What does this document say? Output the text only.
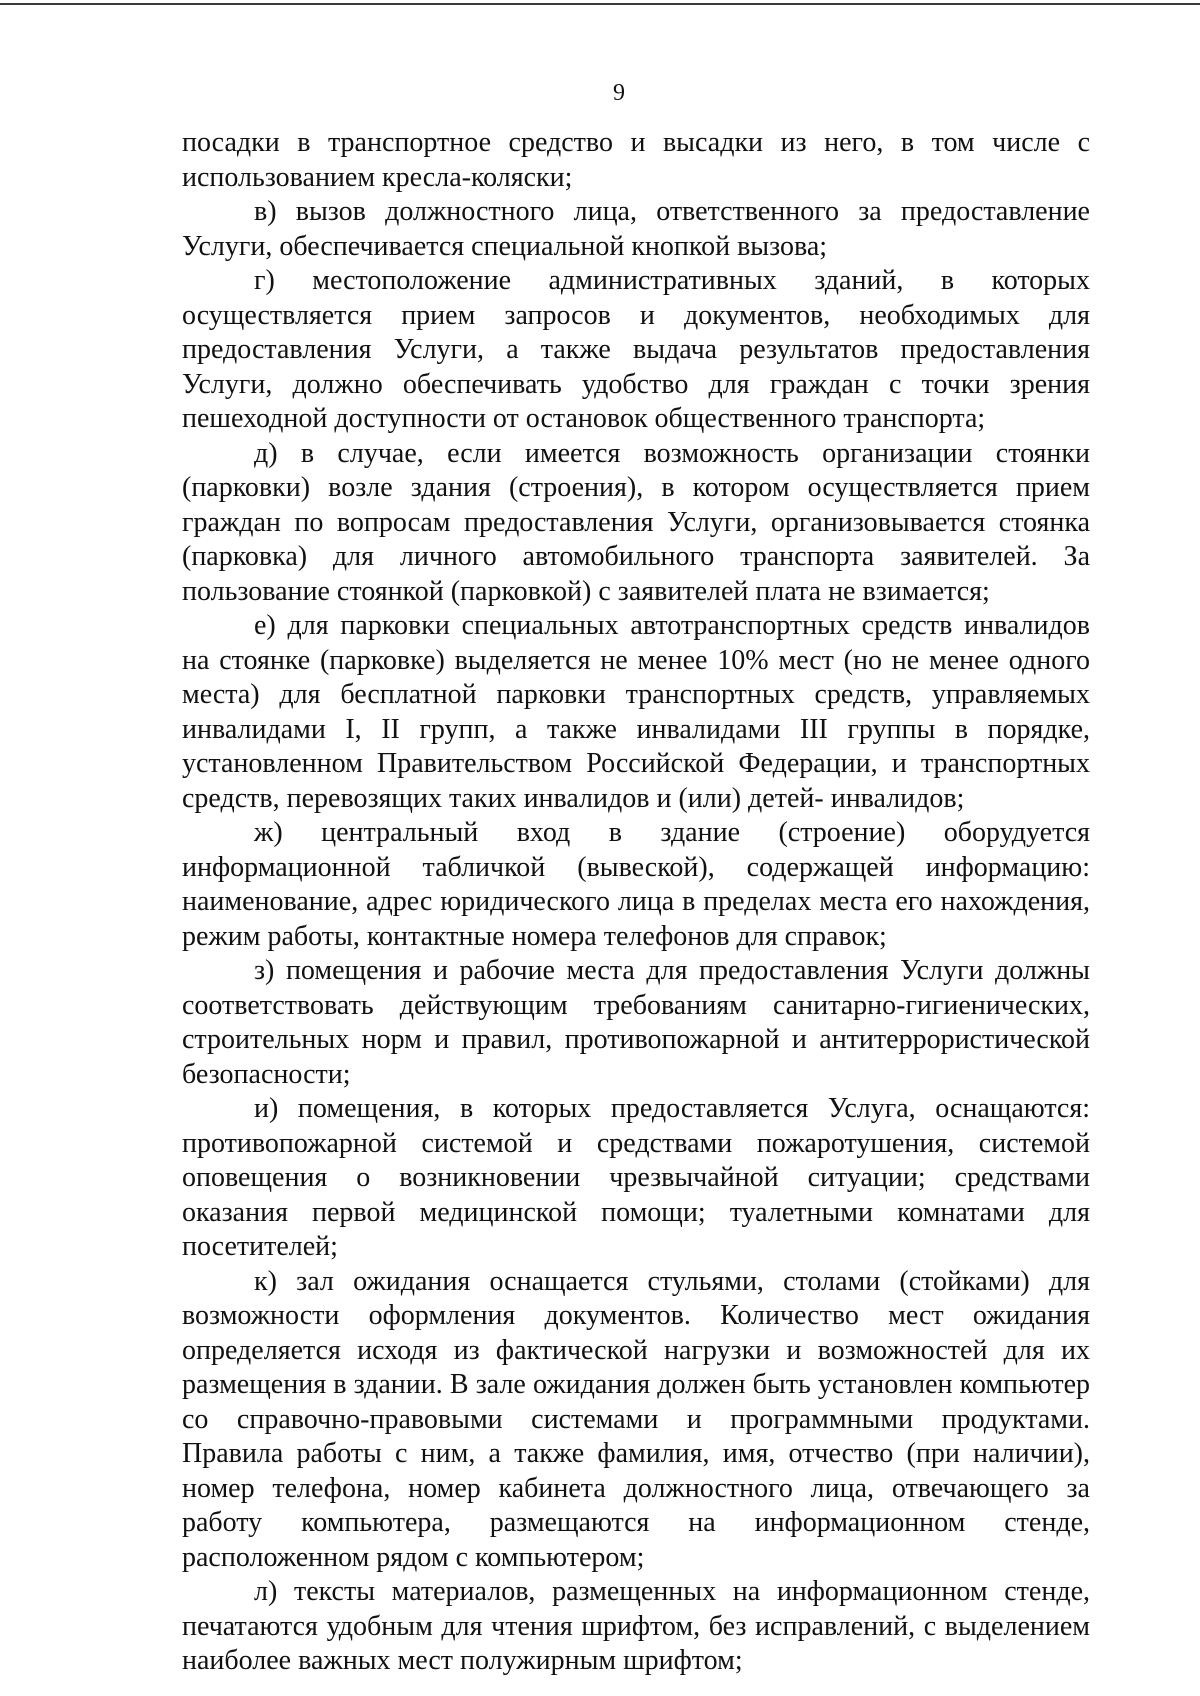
9

посадки в транспортное средство и высадки из него, в том числе с использованием кресла-коляски;

в) вызов должностного лица, ответственного за предоставление Услуги, обеспечивается специальной кнопкой вызова;

г) местоположение административных зданий, в которых осуществляется прием запросов и документов, необходимых для предоставления Услуги, а также выдача результатов предоставления Услуги, должно обеспечивать удобство для граждан с точки зрения пешеходной доступности от остановок общественного транспорта;

д) в случае, если имеется возможность организации стоянки (парковки) возле здания (строения), в котором осуществляется прием граждан по вопросам предоставления Услуги, организовывается стоянка (парковка) для личного автомобильного транспорта заявителей. За пользование стоянкой (парковкой) с заявителей плата не взимается;

е) для парковки специальных автотранспортных средств инвалидов на стоянке (парковке) выделяется не менее 10% мест (но не менее одного места) для бесплатной парковки транспортных средств, управляемых инвалидами I, II групп, а также инвалидами III группы в порядке, установленном Правительством Российской Федерации, и транспортных средств, перевозящих таких инвалидов и (или) детей- инвалидов;

ж) центральный вход в здание (строение) оборудуется информационной табличкой (вывеской), содержащей информацию: наименование, адрес юридического лица в пределах места его нахождения, режим работы, контактные номера телефонов для справок;

з) помещения и рабочие места для предоставления Услуги должны соответствовать действующим требованиям санитарно-гигиенических, строительных норм и правил, противопожарной и антитеррористической безопасности;

и) помещения, в которых предоставляется Услуга, оснащаются: противопожарной системой и средствами пожаротушения, системой оповещения о возникновении чрезвычайной ситуации; средствами оказания первой медицинской помощи; туалетными комнатами для посетителей;

к) зал ожидания оснащается стульями, столами (стойками) для возможности оформления документов. Количество мест ожидания определяется исходя из фактической нагрузки и возможностей для их размещения в здании. В зале ожидания должен быть установлен компьютер со справочно-правовыми системами и программными продуктами. Правила работы с ним, а также фамилия, имя, отчество (при наличии), номер телефона, номер кабинета должностного лица, отвечающего за работу компьютера, размещаются на информационном стенде, расположенном рядом с компьютером;

л) тексты материалов, размещенных на информационном стенде, печатаются удобным для чтения шрифтом, без исправлений, с выделением наиболее важных мест полужирным шрифтом;
